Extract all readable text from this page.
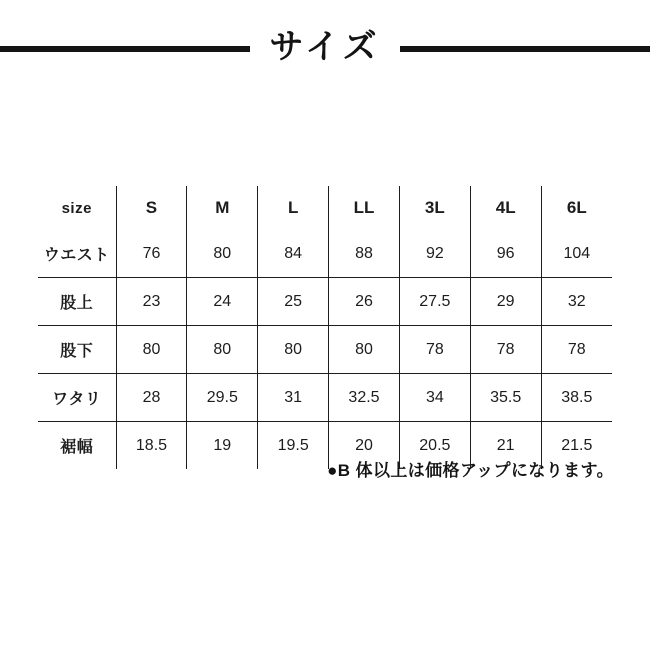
サイズ
size	S	M	L	LL	3L	4L	6L
ウエスト	76	80	84	88	92	96	104
股上	23	24	25	26	27.5	29	32
股下	80	80	80	80	78	78	78
ワタリ	28	29.5	31	32.5	34	35.5	38.5
裾幅	18.5	19	19.5	20	20.5	21	21.5
●B 体以上は価格アップになります。
